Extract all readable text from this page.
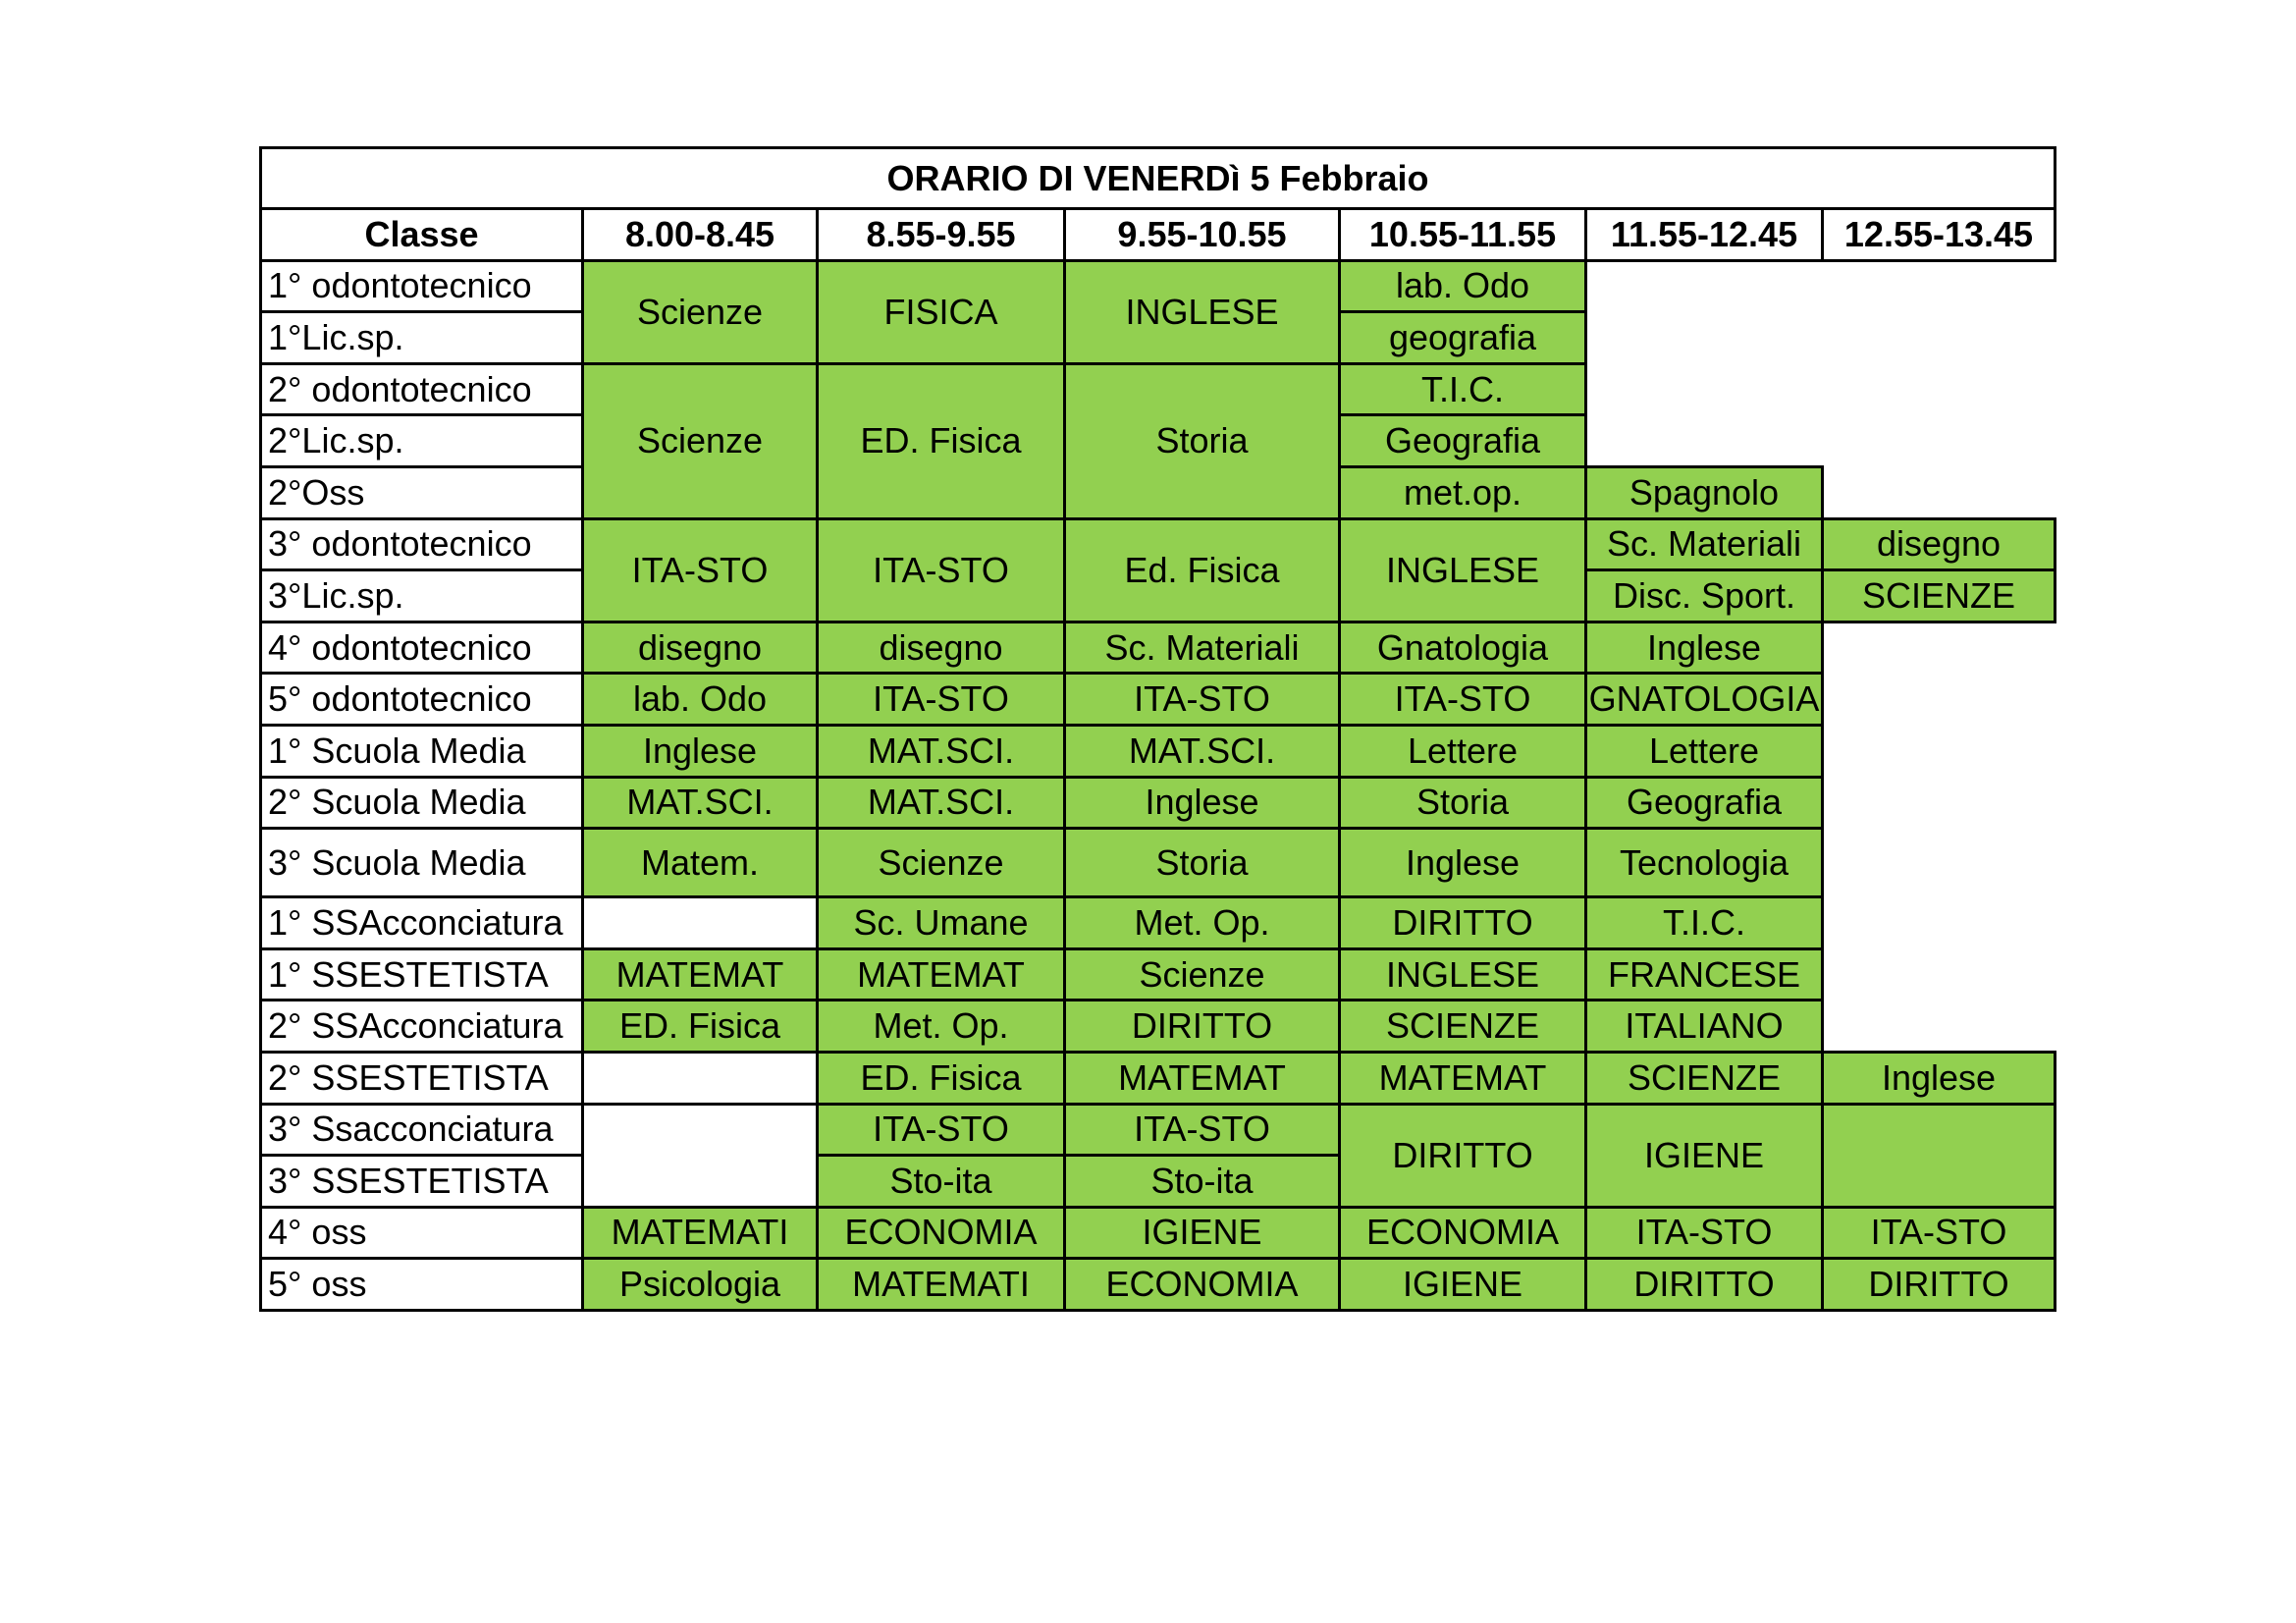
ORARIO DI VENERDì 5 Febbraio						
Classe	8.00-8.45	8.55-9.55	9.55-10.55	10.55-11.55	11.55-12.45	12.55-13.45
1° odontotecnico	Scienze	FISICA	INGLESE	lab. Odo		
1°Lic.sp.				geografia		
2° odontotecnico	Scienze	ED. Fisica	Storia	T.I.C.		
2°Lic.sp.				Geografia		
2°Oss				met.op.	Spagnolo	
3° odontotecnico	ITA-STO	ITA-STO	Ed. Fisica	INGLESE	Sc. Materiali	disegno
3°Lic.sp.					Disc. Sport.	SCIENZE
4° odontotecnico	disegno	disegno	Sc. Materiali	Gnatologia	Inglese	
5° odontotecnico	lab. Odo	ITA-STO	ITA-STO	ITA-STO	GNATOLOGIA	
1° Scuola Media	Inglese	MAT.SCI.	MAT.SCI.	Lettere	Lettere	
2° Scuola Media	MAT.SCI.	MAT.SCI.	Inglese	Storia	Geografia	
3° Scuola Media	Matem.	Scienze	Storia	Inglese	Tecnologia	
1° SSAcconciatura		Sc. Umane	Met. Op.	DIRITTO	T.I.C.	
1° SSESTETISTA	MATEMAT	MATEMAT	Scienze	INGLESE	FRANCESE	
2° SSAcconciatura	ED. Fisica	Met. Op.	DIRITTO	SCIENZE	ITALIANO	
2° SSESTETISTA		ED. Fisica	MATEMAT	MATEMAT	SCIENZE	Inglese
3° Ssacconciatura		ITA-STO	ITA-STO	DIRITTO	IGIENE	
3° SSESTETISTA		Sto-ita	Sto-ita			
4° oss	MATEMATI	ECONOMIA	IGIENE	ECONOMIA	ITA-STO	ITA-STO
5° oss	Psicologia	MATEMATI	ECONOMIA	IGIENE	DIRITTO	DIRITTO
